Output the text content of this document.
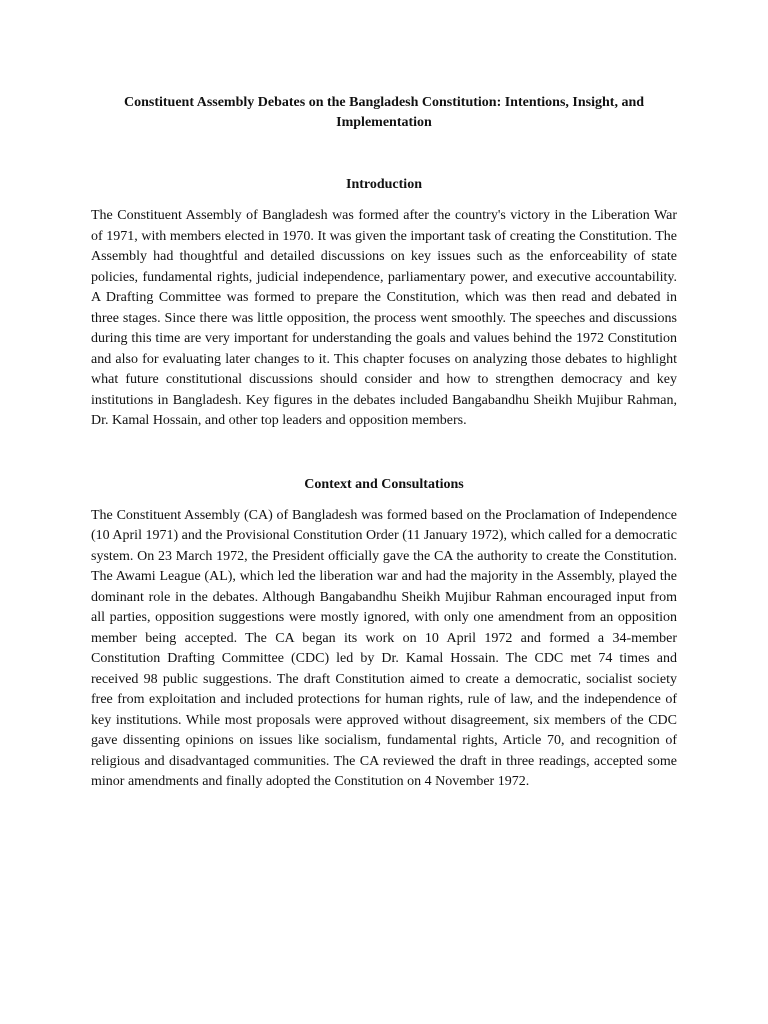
Constituent Assembly Debates on the Bangladesh Constitution: Intentions, Insight, and Implementation
Introduction

The Constituent Assembly of Bangladesh was formed after the country's victory in the Liberation War of 1971, with members elected in 1970. It was given the important task of creating the Constitution. The Assembly had thoughtful and detailed discussions on key issues such as the enforceability of state policies, fundamental rights, judicial independence, parliamentary power, and executive accountability. A Drafting Committee was formed to prepare the Constitution, which was then read and debated in three stages. Since there was little opposition, the process went smoothly. The speeches and discussions during this time are very important for understanding the goals and values behind the 1972 Constitution and also for evaluating later changes to it. This chapter focuses on analyzing those debates to highlight what future constitutional discussions should consider and how to strengthen democracy and key institutions in Bangladesh. Key figures in the debates included Bangabandhu Sheikh Mujibur Rahman, Dr. Kamal Hossain, and other top leaders and opposition members.

Context and Consultations

The Constituent Assembly (CA) of Bangladesh was formed based on the Proclamation of Independence (10 April 1971) and the Provisional Constitution Order (11 January 1972), which called for a democratic system. On 23 March 1972, the President officially gave the CA the authority to create the Constitution. The Awami League (AL), which led the liberation war and had the majority in the Assembly, played the dominant role in the debates. Although Bangabandhu Sheikh Mujibur Rahman encouraged input from all parties, opposition suggestions were mostly ignored, with only one amendment from an opposition member being accepted. The CA began its work on 10 April 1972 and formed a 34-member Constitution Drafting Committee (CDC) led by Dr. Kamal Hossain. The CDC met 74 times and received 98 public suggestions. The draft Constitution aimed to create a democratic, socialist society free from exploitation and included protections for human rights, rule of law, and the independence of key institutions. While most proposals were approved without disagreement, six members of the CDC gave dissenting opinions on issues like socialism, fundamental rights, Article 70, and recognition of religious and disadvantaged communities. The CA reviewed the draft in three readings, accepted some minor amendments and finally adopted the Constitution on 4 November 1972.
